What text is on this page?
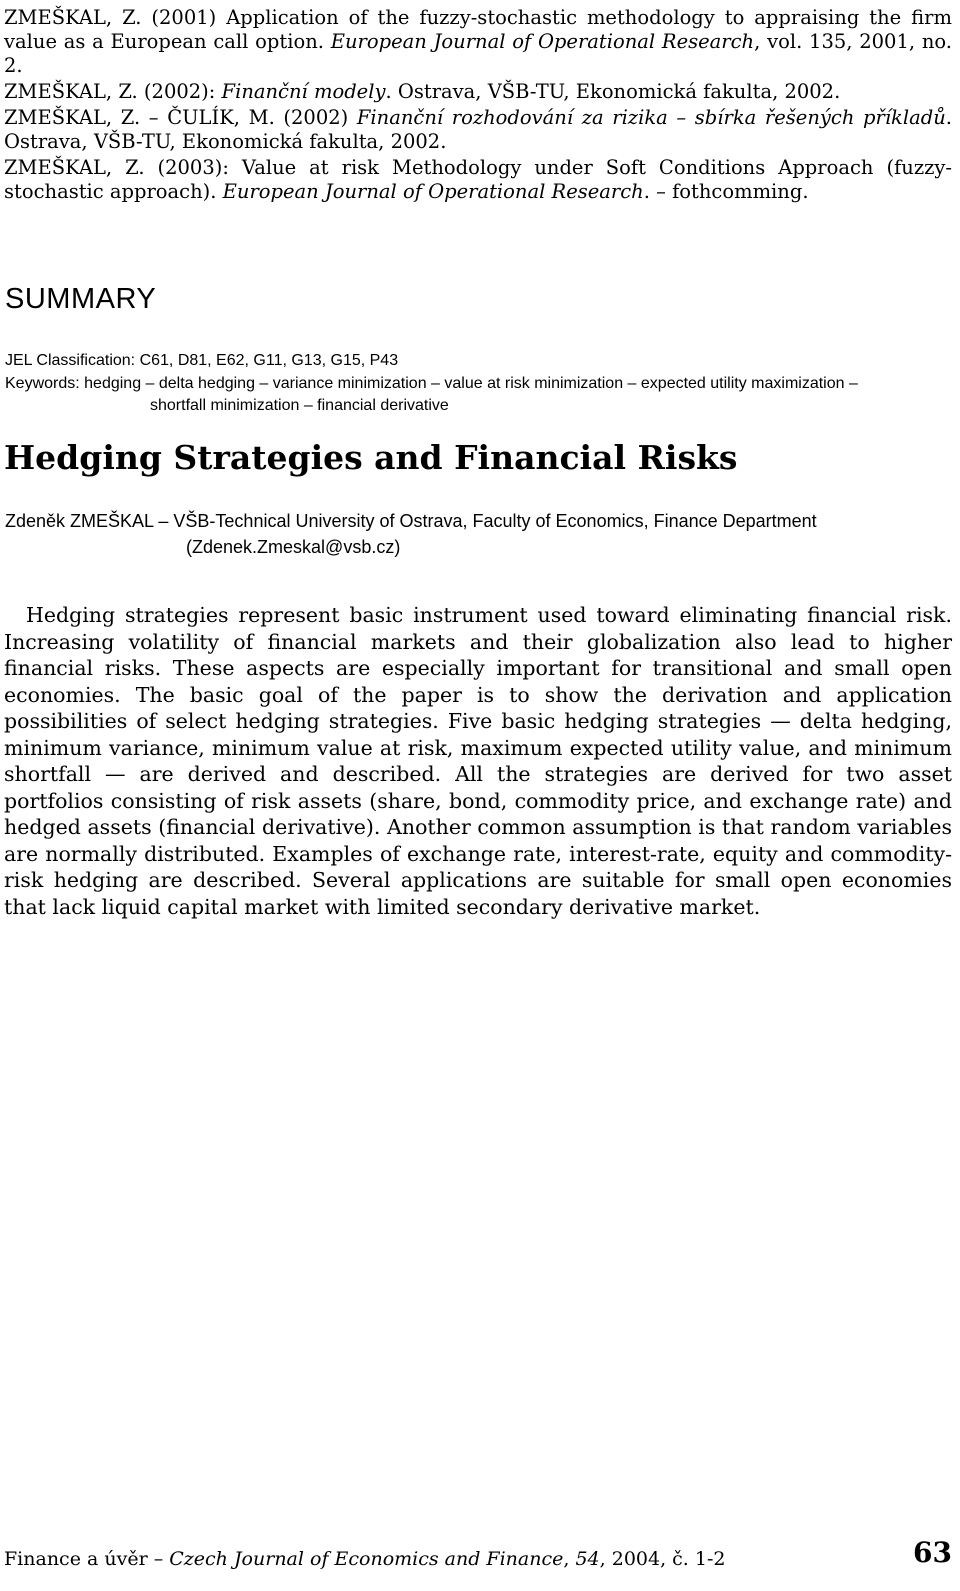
ZMEŠKAL, Z. (2001) Application of the fuzzy-stochastic methodology to appraising the firm value as a European call option. European Journal of Operational Research, vol. 135, 2001, no. 2.

ZMEŠKAL, Z. (2002): Finanční modely. Ostrava, VŠB-TU, Ekonomická fakulta, 2002.

ZMEŠKAL, Z. – ČULÍK, M. (2002) Finanční rozhodování za rizika – sbírka řešených příkladů. Ostrava, VŠB-TU, Ekonomická fakulta, 2002.

ZMEŠKAL, Z. (2003): Value at risk Methodology under Soft Conditions Approach (fuzzy-stochastic approach). European Journal of Operational Research. – fothcomming.

SUMMARY
JEL Classification: C61, D81, E62, G11, G13, G15, P43
Keywords: hedging – delta hedging – variance minimization – value at risk minimization – expected utility maximization –
shortfall minimization – financial derivative
Hedging Strategies and Financial Risks
Zdeněk ZMEŠKAL – VŠB-Technical University of Ostrava, Faculty of Economics, Finance Department
(Zdenek.Zmeskal@vsb.cz)

Hedging strategies represent basic instrument used toward eliminating financial risk. Increasing volatility of financial markets and their globalization also lead to higher financial risks. These aspects are especially important for transitional and small open economies. The basic goal of the paper is to show the derivation and application possibilities of select hedging strategies. Five basic hedging strategies — delta hedging, minimum variance, minimum value at risk, maximum expected utility value, and minimum shortfall — are derived and described. All the strategies are derived for two asset portfolios consisting of risk assets (share, bond, commodity price, and exchange rate) and hedged assets (financial derivative). Another common assumption is that random variables are normally distributed. Examples of exchange rate, interest-rate, equity and commodity-risk hedging are described. Several applications are suitable for small open economies that lack liquid capital market with limited secondary derivative market.

Finance a úvěr – Czech Journal of Economics and Finance, 54, 2004, č. 1-2	63
